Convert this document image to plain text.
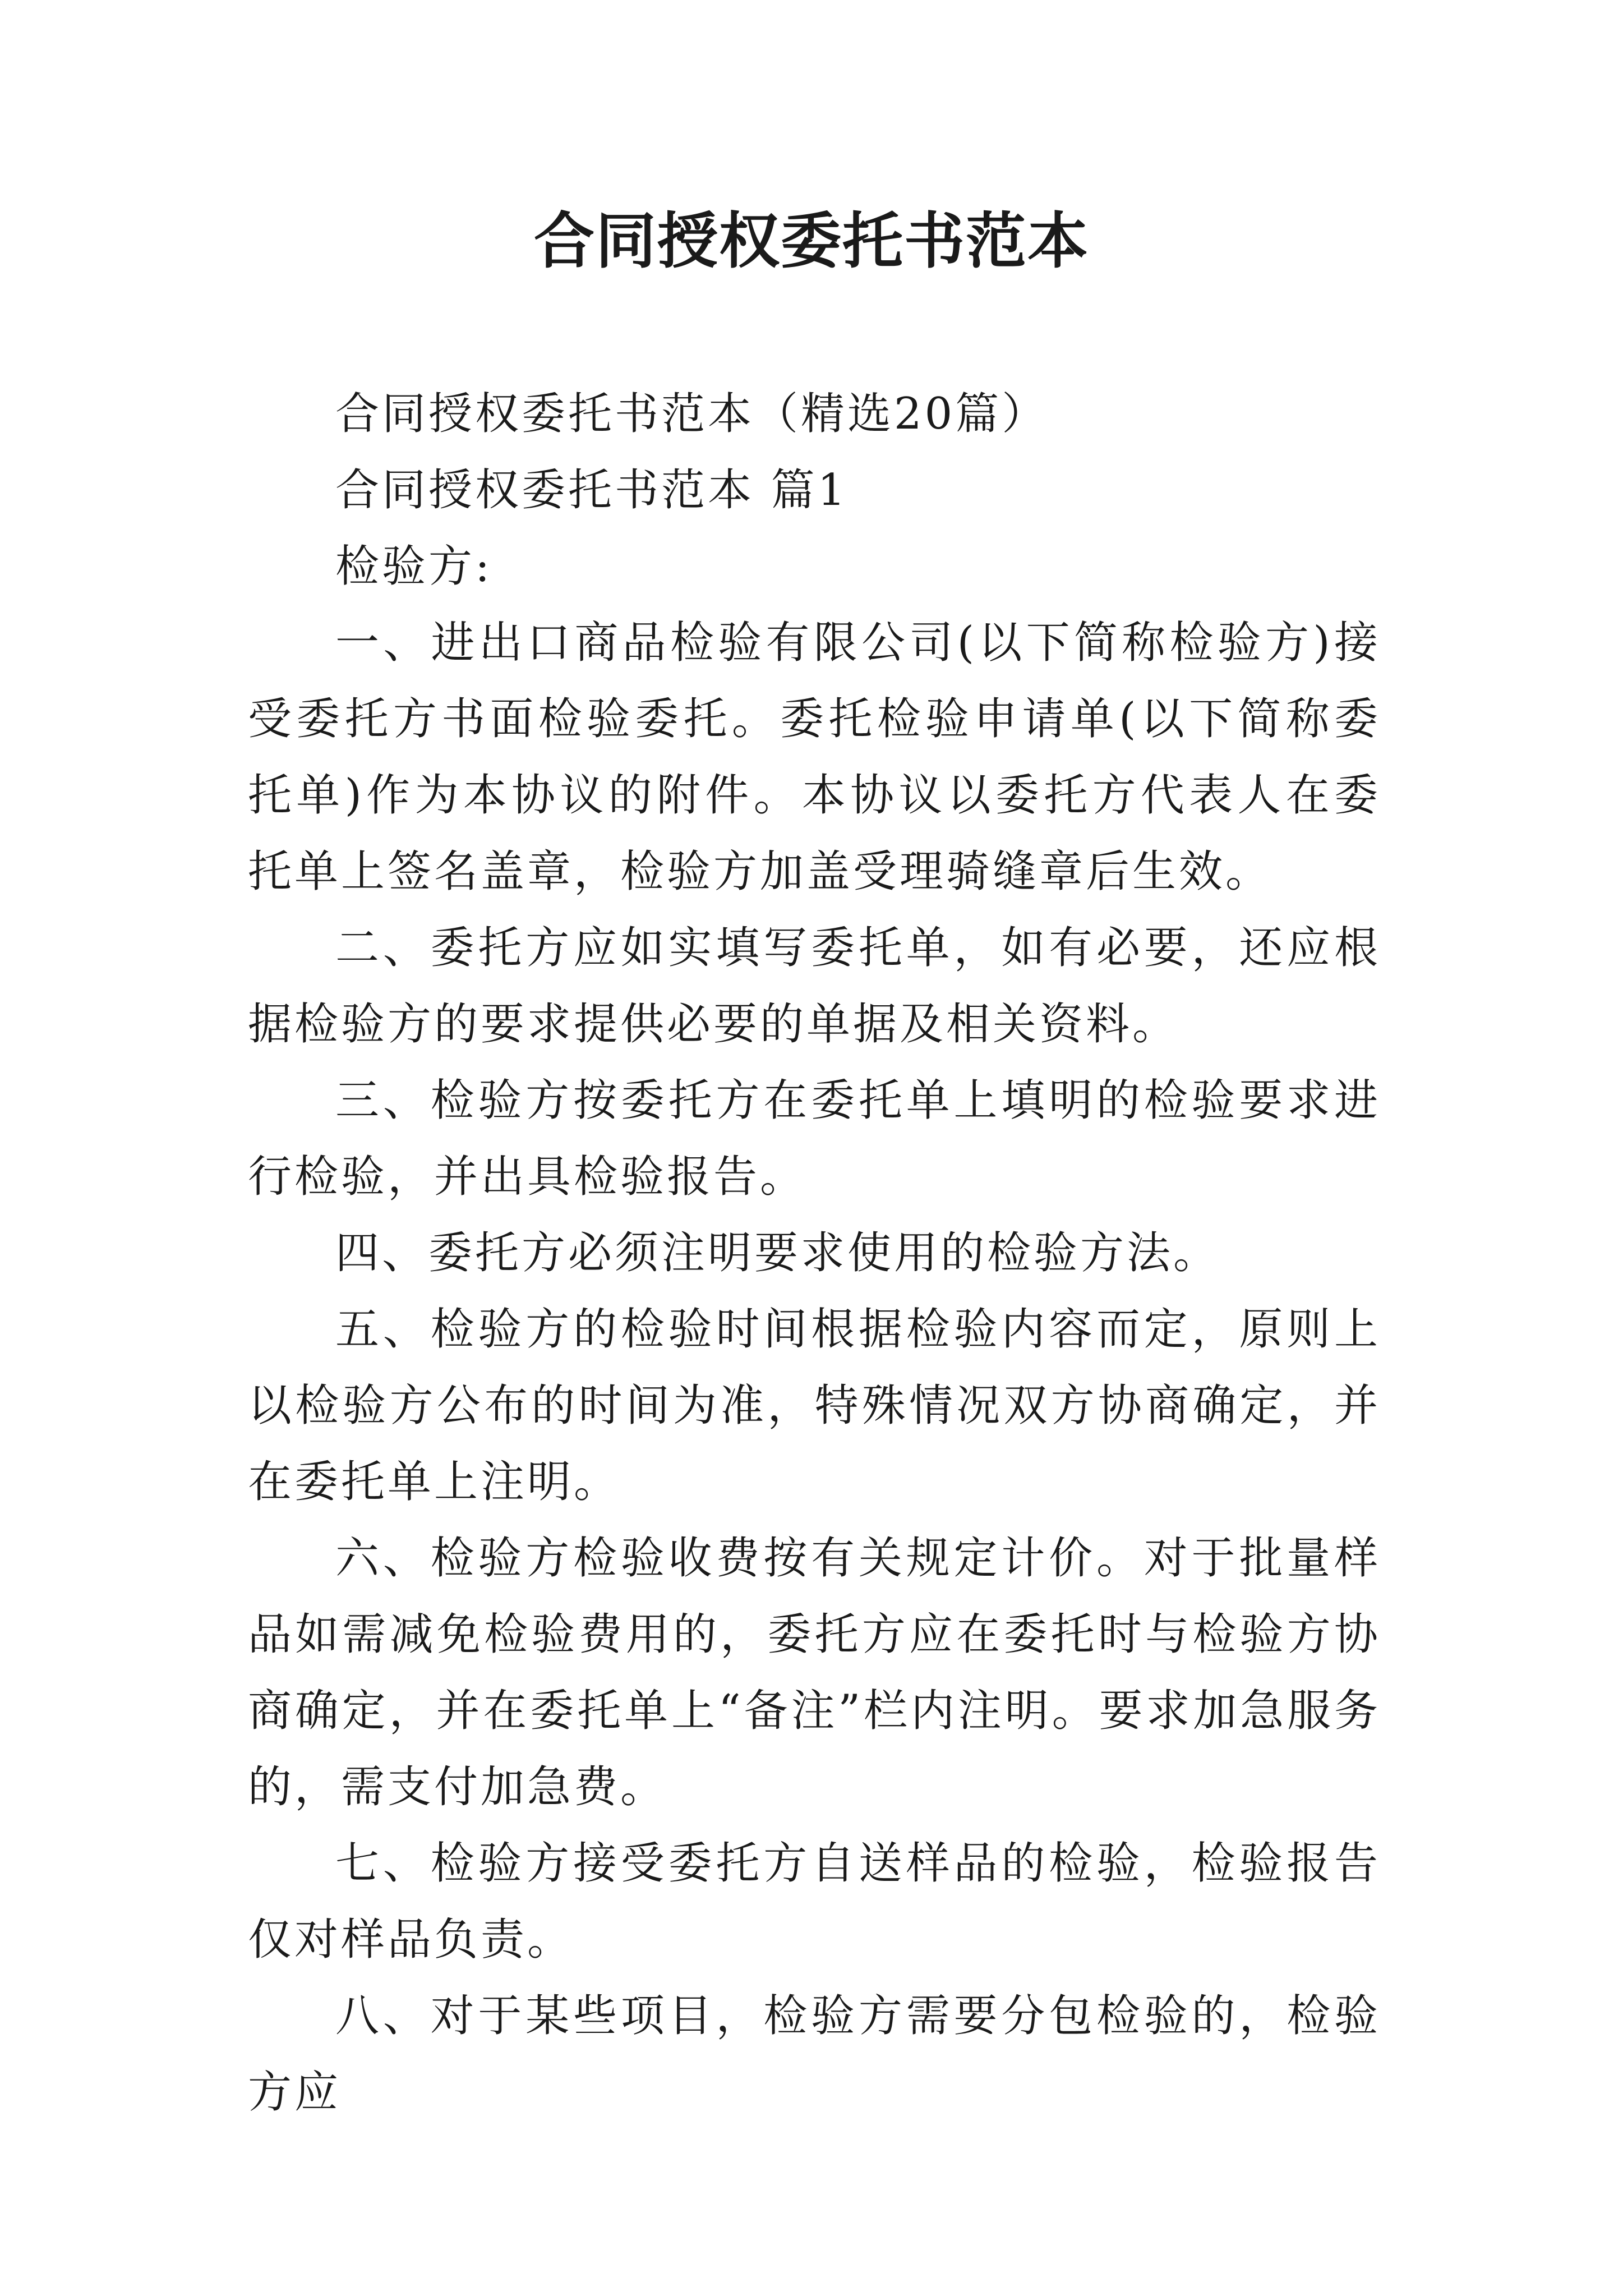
合同授权委托书范本

合同授权委托书范本（精选20篇）

合同授权委托书范本 篇1

检验方:

一、进出口商品检验有限公司(以下简称检验方)接受委托方书面检验委托。委托检验申请单(以下简称委托单)作为本协议的附件。本协议以委托方代表人在委托单上签名盖章，检验方加盖受理骑缝章后生效。

二、委托方应如实填写委托单，如有必要，还应根据检验方的要求提供必要的单据及相关资料。

三、检验方按委托方在委托单上填明的检验要求进行检验，并出具检验报告。

四、委托方必须注明要求使用的检验方法。

五、检验方的检验时间根据检验内容而定，原则上以检验方公布的时间为准，特殊情况双方协商确定，并在委托单上注明。

六、检验方检验收费按有关规定计价。对于批量样品如需减免检验费用的，委托方应在委托时与检验方协商确定，并在委托单上“备注”栏内注明。要求加急服务的，需支付加急费。

七、检验方接受委托方自送样品的检验，检验报告仅对样品负责。

八、对于某些项目，检验方需要分包检验的，检验方应
